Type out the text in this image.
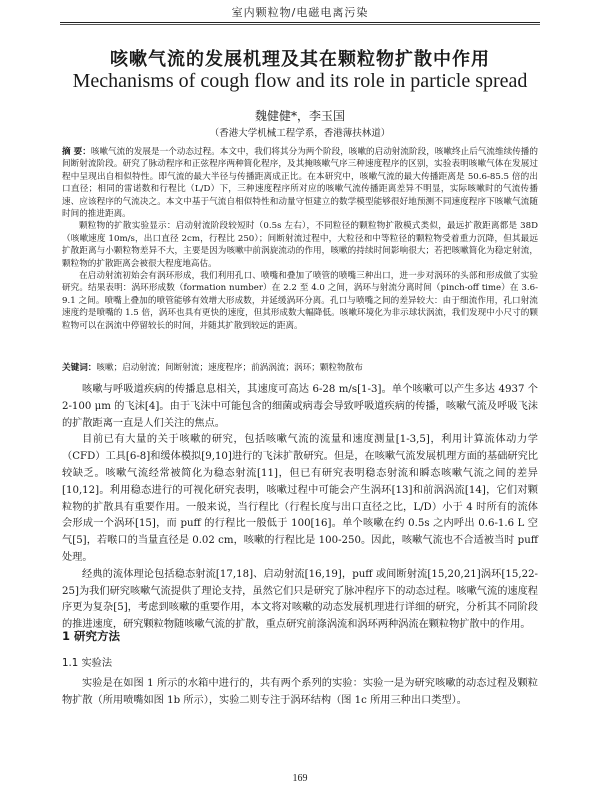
室内颗粒物/电磁电离污染
咳嗽气流的发展机理及其在颗粒物扩散中作用
Mechanisms of cough flow and its role in particle spread
魏健健*，李玉国
（香港大学机械工程学系，香港薄扶林道）

摘 要：咳嗽气流的发展是一个动态过程。本文中，我们将其分为两个阶段，咳嗽的启动射流阶段，咳嗽终止后气流维续传播的间断射流阶段。研究了脉动程序和正弦程序两种简化程序，及其掩咳嗽气序三种速度程序的区别，实验表明咳嗽气体在发展过程中呈现出自相似特性。即气流的最大半径与传播距离成正比。在本研究中，咳嗽气流的最大传播距离是 50.6-85.5 倍的出口直径；相同的雷诺数和行程比（L/D）下，三种速度程序所对应的咳嗽气流传播距离差异不明显，实际咳嗽时的气流传播速、应该程序的气流决之。本文中基于气流自相似特性和动量守恒建立的数学模型能够很好地预测不同速度程序下咳嗽气流随时间的推进距离。

颗粒物的扩散实验显示：启动射流阶段较短时（0.5s 左右），不同粒径的颗粒物扩散模式类似，最远扩散距离都是 38D（咳嗽速度 10m/s，出口直径 2cm，行程比 250）；间断射流过程中，大粒径和中等粒径的颗粒物受着重力沉降，但其最远扩散距离与小颗粒物差异不大，主要是因为咳嗽中前涡旋流动的作用，咳嗽的持续时间影响很大；若把咳嗽简化为稳定射流，颗粒物的扩散距离会被很大程度地高估。

在启动射流初始会有涡环形成，我们利用孔口、喷嘴和叠加了喷管的喷嘴三种出口，进一步对涡环的头部和形成做了实验研究。结果表明：涡环形成数（formation number）在 2.2 至 4.0 之间，涡环与射流分离时间（pinch-off time）在 3.6-9.1 之间。喷嘴上叠加的喷管能够有效增大形成数，并延缓涡环分离。孔口与喷嘴之间的差异较大：由于细流作用，孔口射流速度约是喷嘴的 1.5 倍，涡环也具有更快的速度，但其形成数大幅降低。咳嗽环境化为非示球状涡流，我们发现中小尺寸的颗粒物可以在涡流中停留较长的时间，并随其扩散到较远的距离。

关键词：咳嗽；启动射流；间断射流；速度程序；前涡涡流；涡环；颗粒物散布

咳嗽与呼吸道疾病的传播息息相关，其速度可高达 6-28 m/s[1-3]。单个咳嗽可以产生多达 4937 个 2-100 μm 的飞沫[4]。由于飞沫中可能包含的细菌或病毒会导致呼吸道疾病的传播，咳嗽气流及呼吸飞沫的扩散距离一直是人们关注的焦点。

目前已有大量的关于咳嗽的研究，包括咳嗽气流的流量和速度测量[1-3,5]，利用计算流体动力学（CFD）工具[6-8]和缓体模拟[9,10]进行的飞沫扩散研究。但是，在咳嗽气流发展机理方面的基础研究比较缺乏。咳嗽气流经常被简化为稳态射流[11]，但已有研究表明稳态射流和瞬态咳嗽气流之间的差异[10,12]。利用稳态进行的可视化研究表明，咳嗽过程中可能会产生涡环[13]和前涡涡流[14]，它们对颗粒物的扩散具有重要作用。一般来说，当行程比（行程长度与出口直径之比，L/D）小于 4 时所有的流体会形成一个涡环[15]，而 puff 的行程比一般低于 100[16]。单个咳嗽在约 0.5s 之内呼出 0.6-1.6 L 空气[5]，若喉口的当量直径是 0.02 cm，咳嗽的行程比是 100-250。因此，咳嗽气流也不合适被当时 puff 处理。

经典的流体理论包括稳态射流[17,18]、启动射流[16,19]，puff 或间断射流[15,20,21]涡环[15,22-25]为我们研究咳嗽气流提供了理论支持，虽然它们只是研究了脉冲程序下的动态过程。咳嗽气流的速度程序更为复杂[5]，考虑到咳嗽的重要作用，本文将对咳嗽的动态发展机理进行详细的研究，分析其不同阶段的推进速度，研究颗粒物随咳嗽气流的扩散，重点研究前涤涡流和涡环两种涡流在颗粒物扩散中的作用。

1 研究方法
1.1 实验法

实验是在如图 1 所示的水箱中进行的，共有两个系列的实验：实验一是为研究咳嗽的动态过程及颗粒物扩散（所用喷嘴如图 1b 所示），实验二则专注于涡环结构（图 1c 所用三种出口类型）。

169
